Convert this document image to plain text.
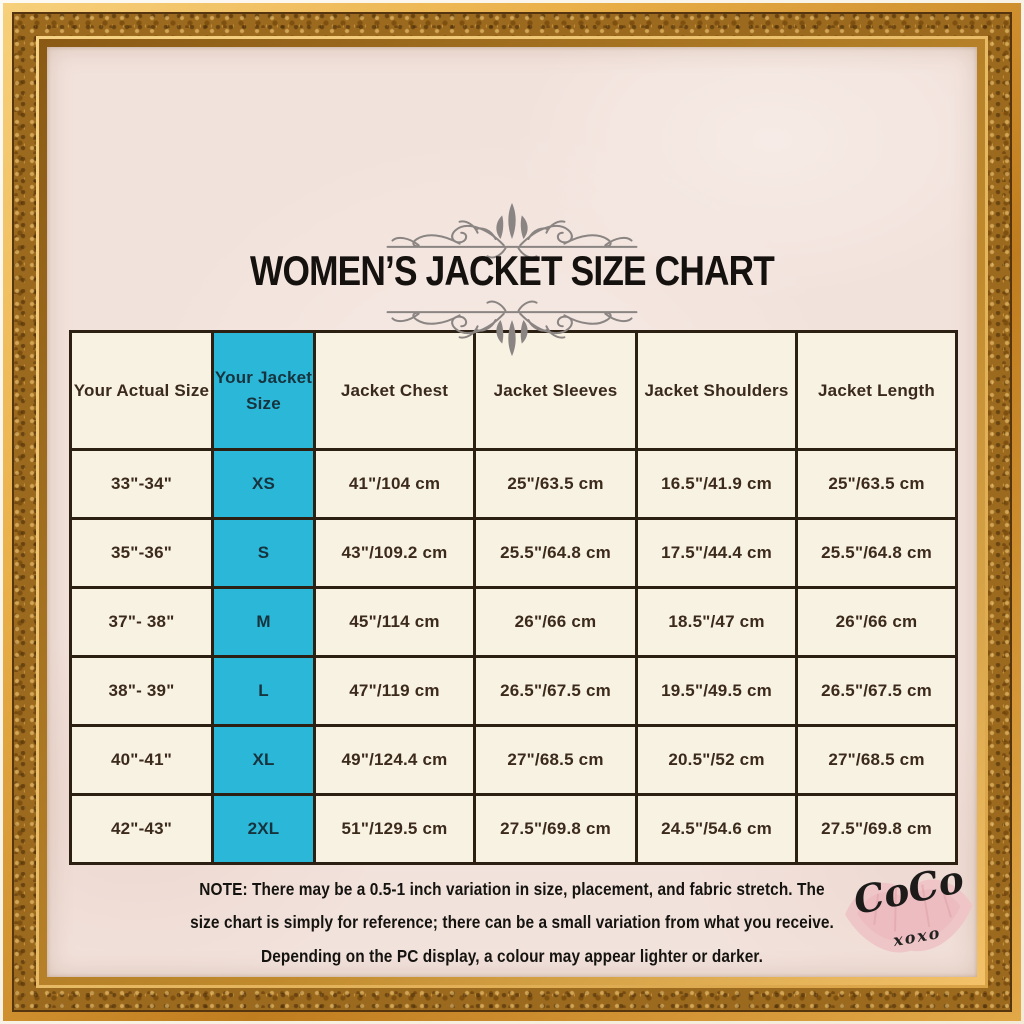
WOMEN’S JACKET SIZE CHART
Your Actual Size	Your Jacket Size	Jacket Chest	Jacket Sleeves	Jacket Shoulders	Jacket Length
33"-34"	XS	41"/104 cm	25"/63.5 cm	16.5"/41.9 cm	25"/63.5 cm
35"-36"	S	43"/109.2 cm	25.5"/64.8 cm	17.5"/44.4 cm	25.5"/64.8 cm
37"- 38"	M	45"/114 cm	26"/66 cm	18.5"/47 cm	26"/66 cm
38"- 39"	L	47"/119 cm	26.5"/67.5 cm	19.5"/49.5 cm	26.5"/67.5 cm
40"-41"	XL	49"/124.4 cm	27"/68.5 cm	20.5"/52 cm	27"/68.5 cm
42"-43"	2XL	51"/129.5 cm	27.5"/69.8 cm	24.5"/54.6 cm	27.5"/69.8 cm
NOTE: There may be a 0.5-1 inch variation in size, placement, and fabric stretch. The size chart is simply for reference; there can be a small variation from what you receive. Depending on the PC display, a colour may appear lighter or darker.
CoCo
xoxo
